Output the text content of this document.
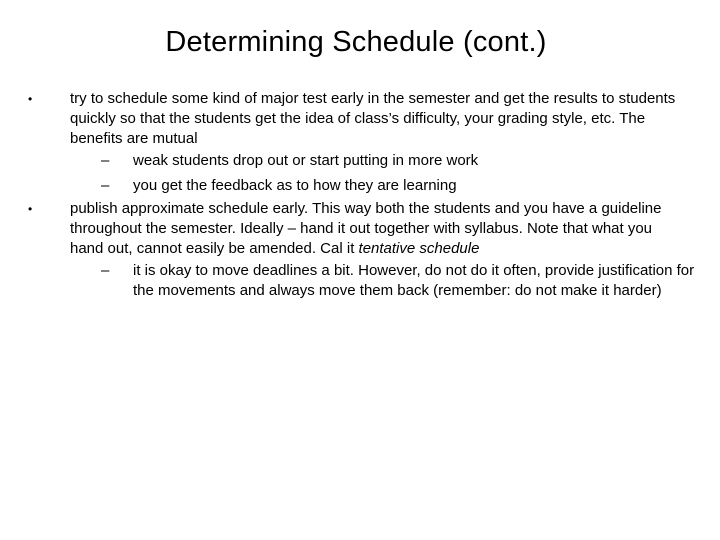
Determining Schedule (cont.)
•	try to schedule some kind of major test early in the semester and get the results to students quickly so that the students get the idea of class’s difficulty, your grading style, etc. The benefits are mutual
– weak students drop out or start putting in more work
– you get the feedback as to how they are learning
•	publish approximate schedule early. This way both the students and you have a guideline throughout the semester. Ideally – hand it out together with syllabus. Note that what you hand out, cannot easily be amended. Cal it tentative schedule
– it is okay to move deadlines a bit. However, do not do it often, provide justification for the movements and always move them back (remember: do not make it harder)
